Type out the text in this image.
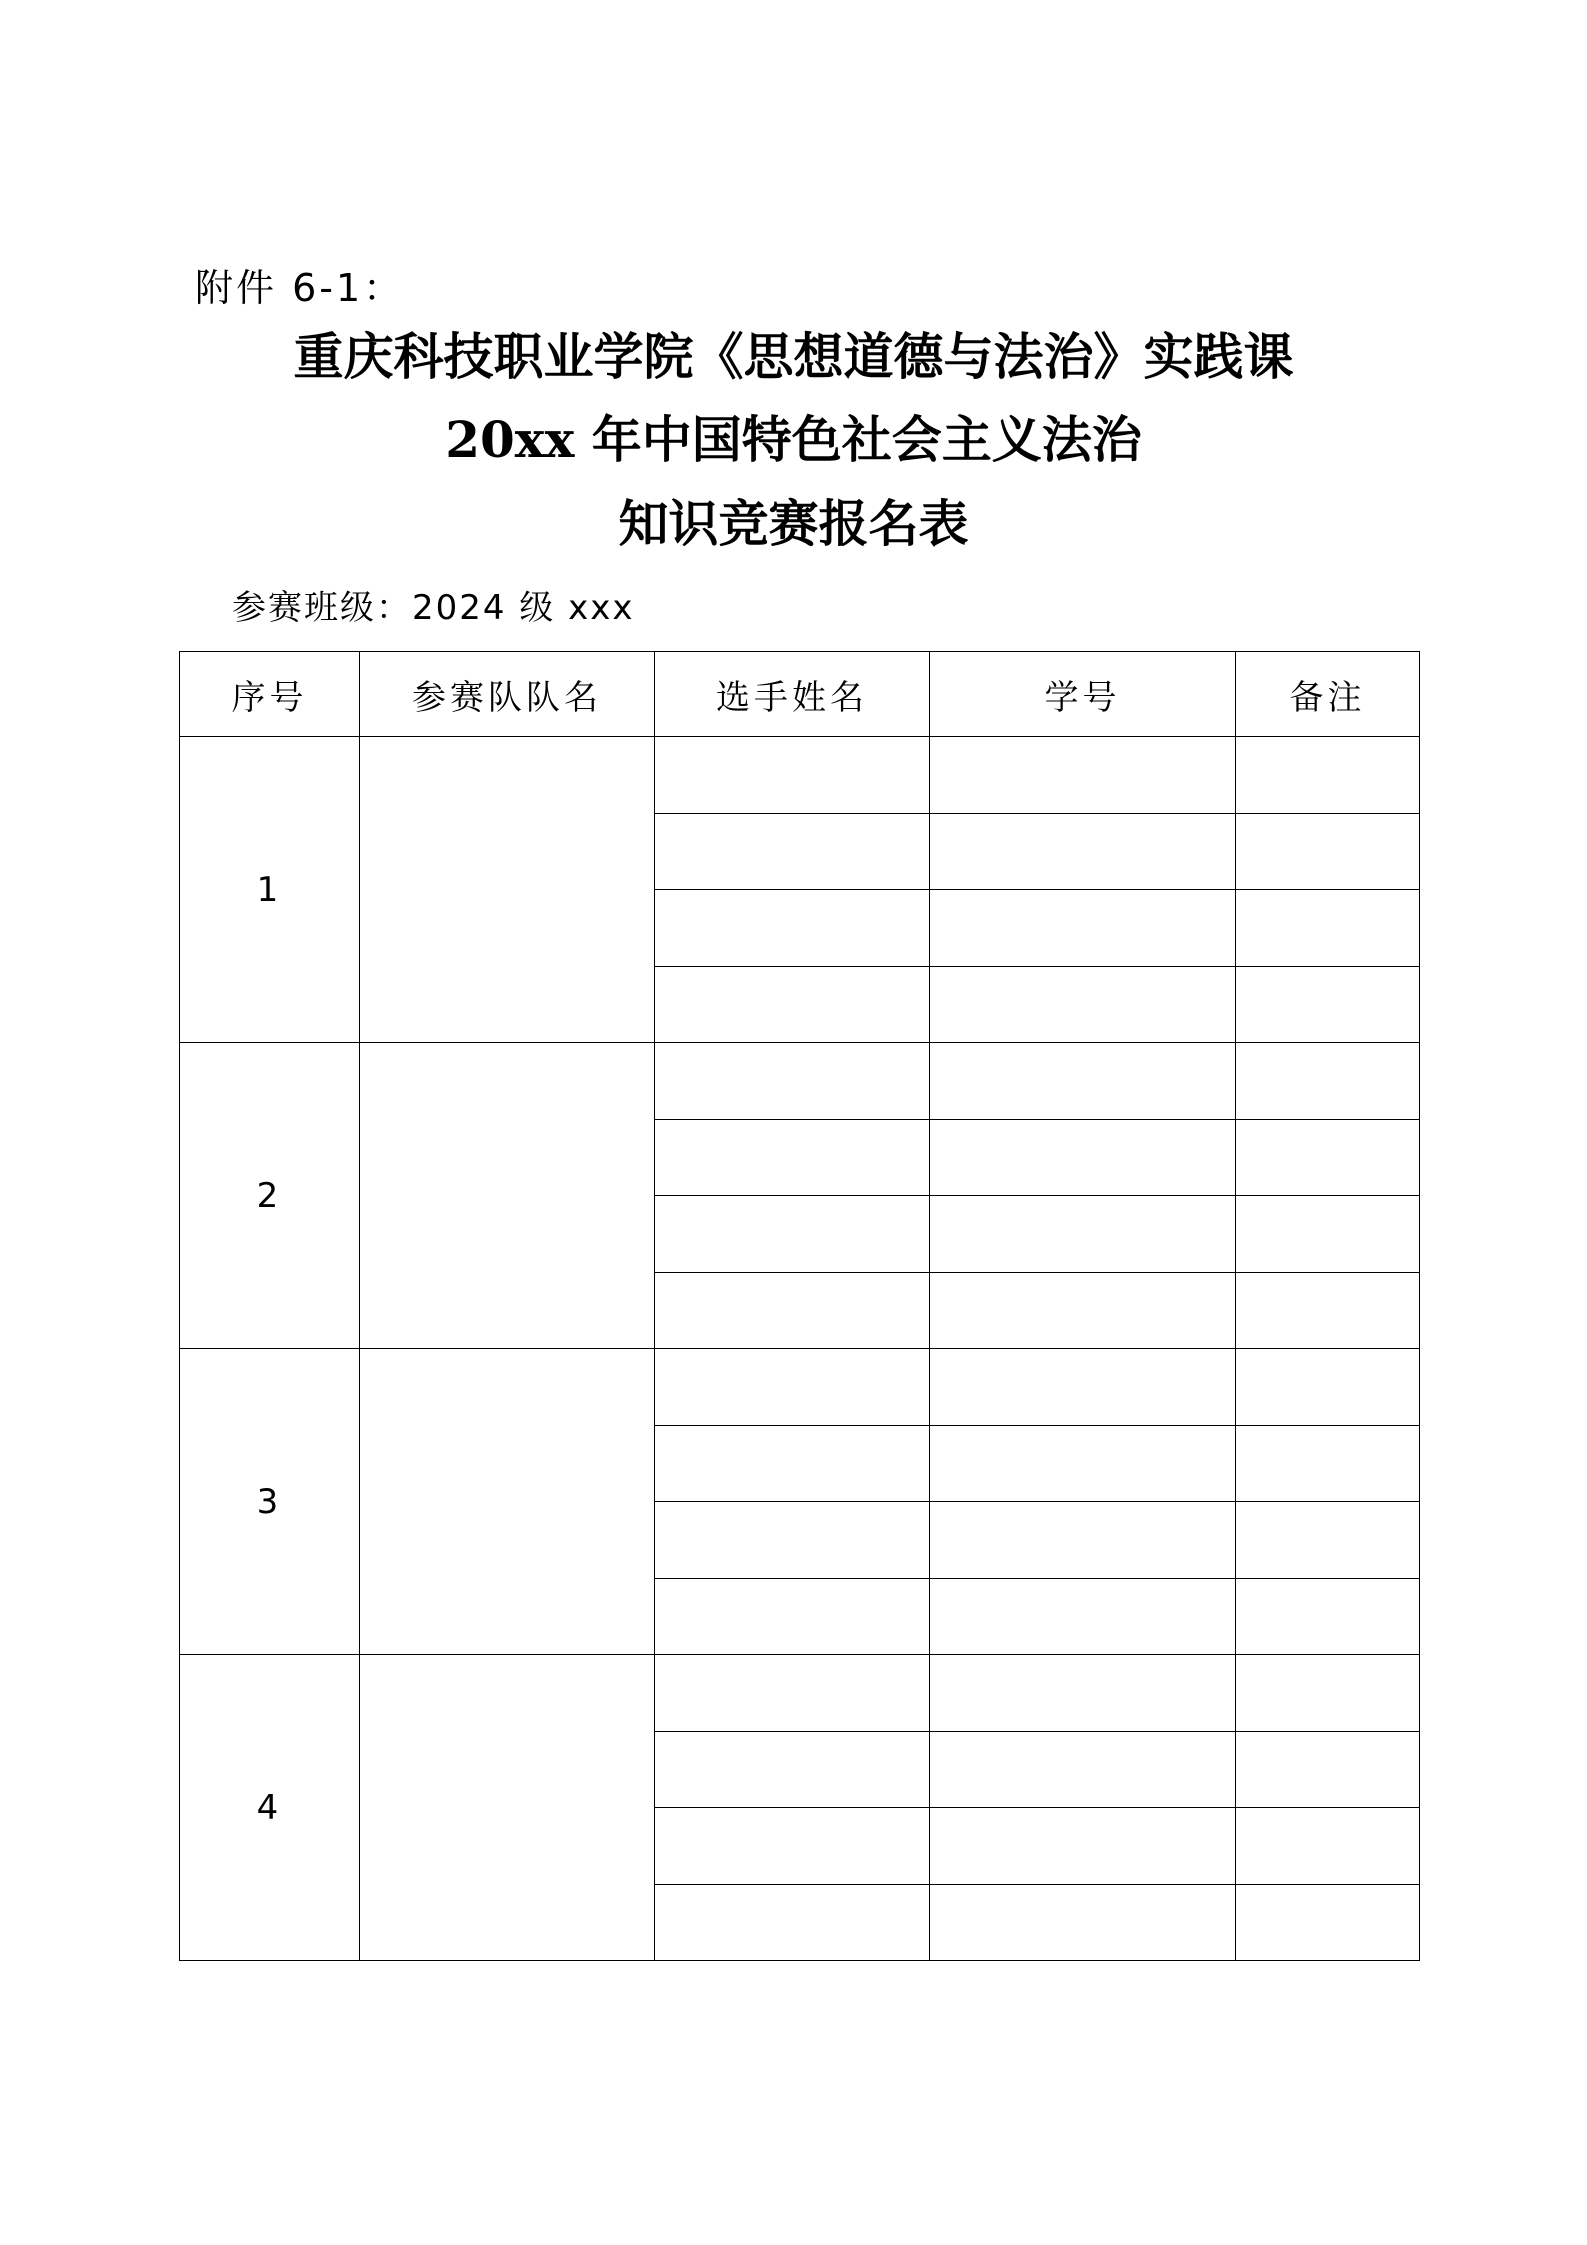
附件 6-1：
重庆科技职业学院《思想道德与法治》实践课
20xx 年中国特色社会主义法治
知识竞赛报名表
参赛班级：2024 级 xxx
序号	参赛队队名	选手姓名	学号	备注
1				

2				

3				

4				
